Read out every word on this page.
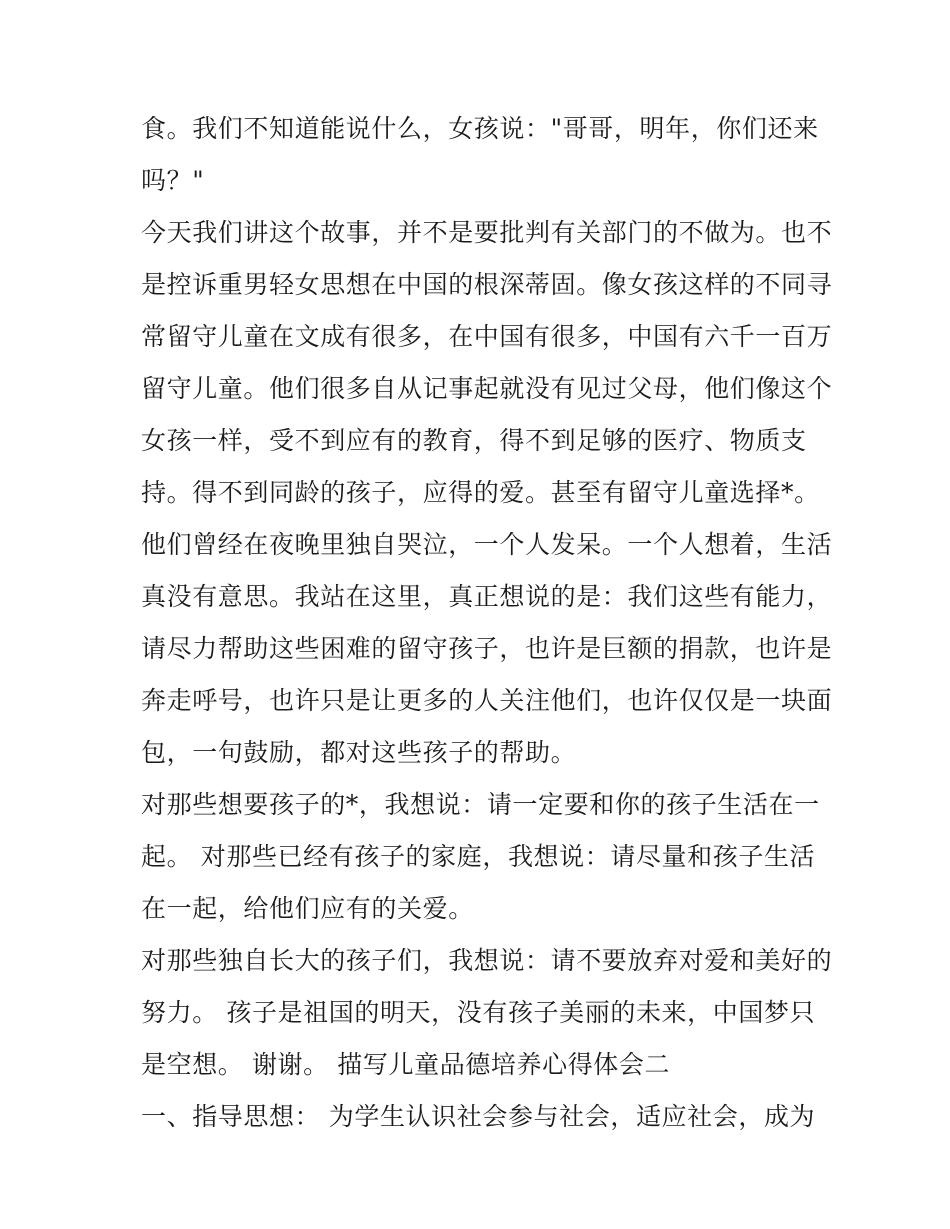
食。我们不知道能说什么，女孩说："哥哥，明年，你们还来
吗？"
今天我们讲这个故事，并不是要批判有关部门的不做为。也不
是控诉重男轻女思想在中国的根深蒂固。像女孩这样的不同寻
常留守儿童在文成有很多，在中国有很多，中国有六千一百万
留守儿童。他们很多自从记事起就没有见过父母，他们像这个
女孩一样，受不到应有的教育，得不到足够的医疗、物质支
持。得不到同龄的孩子，应得的爱。甚至有留守儿童选择*。
他们曾经在夜晚里独自哭泣，一个人发呆。一个人想着，生活
真没有意思。我站在这里，真正想说的是：我们这些有能力，
请尽力帮助这些困难的留守孩子，也许是巨额的捐款，也许是
奔走呼号，也许只是让更多的人关注他们，也许仅仅是一块面
包，一句鼓励，都对这些孩子的帮助。
对那些想要孩子的*，我想说：请一定要和你的孩子生活在一
起。 对那些已经有孩子的家庭，我想说：请尽量和孩子生活
在一起，给他们应有的关爱。
对那些独自长大的孩子们，我想说：请不要放弃对爱和美好的
努力。 孩子是祖国的明天，没有孩子美丽的未来，中国梦只
是空想。 谢谢。 描写儿童品德培养心得体会二
一、指导思想： 为学生认识社会参与社会，适应社会，成为
